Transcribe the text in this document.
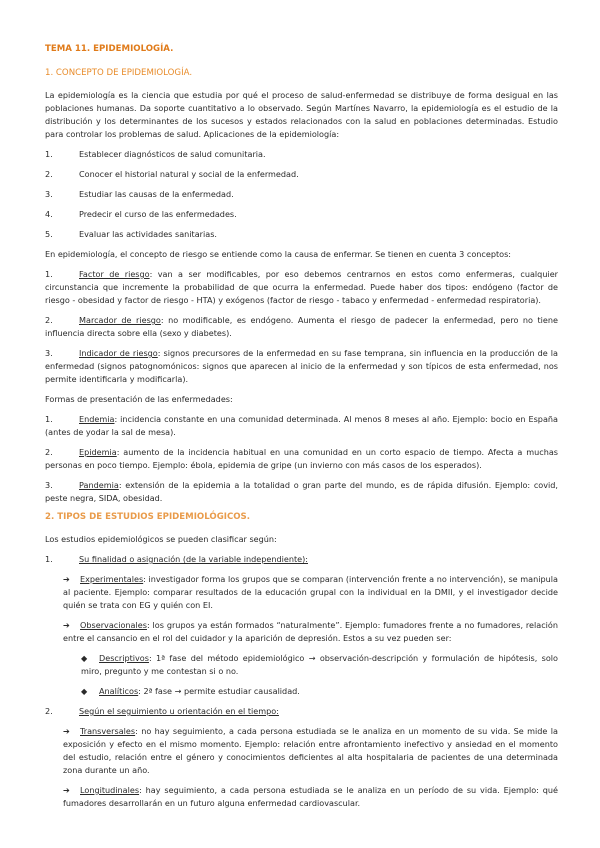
TEMA 11. EPIDEMIOLOGÍA.
1. CONCEPTO DE EPIDEMIOLOGÍA.

La epidemiología es la ciencia que estudia por qué el proceso de salud-enfermedad se distribuye de forma desigual en las poblaciones humanas. Da soporte cuantitativo a lo observado. Según Martínes Navarro, la epidemiología es el estudio de la distribución y los determinantes de los sucesos y estados relacionados con la salud en poblaciones determinadas. Estudio para controlar los problemas de salud. Aplicaciones de la epidemiología:

1.	Establecer diagnósticos de salud comunitaria.
2.	Conocer el historial natural y social de la enfermedad.
3.	Estudiar las causas de la enfermedad.
4.	Predecir el curso de las enfermedades.
5.	Evaluar las actividades sanitarias.

En epidemiología, el concepto de riesgo se entiende como la causa de enfermar. Se tienen en cuenta 3 conceptos:

1.	Factor de riesgo: van a ser modificables, por eso debemos centrarnos en estos como enfermeras, cualquier circunstancia que incremente la probabilidad de que ocurra la enfermedad. Puede haber dos tipos: endógeno (factor de riesgo - obesidad y factor de riesgo - HTA) y exógenos (factor de riesgo - tabaco y enfermedad - enfermedad respiratoria).

2.	Marcador de riesgo: no modificable, es endógeno. Aumenta el riesgo de padecer la enfermedad, pero no tiene influencia directa sobre ella (sexo y diabetes).

3.	Indicador de riesgo: signos precursores de la enfermedad en su fase temprana, sin influencia en la producción de la enfermedad (signos patognomónicos: signos que aparecen al inicio de la enfermedad y son típicos de esta enfermedad, nos permite identificarla y modificarla).

Formas de presentación de las enfermedades:

1.	Endemia: incidencia constante en una comunidad determinada. Al menos 8 meses al año. Ejemplo: bocio en España (antes de yodar la sal de mesa).

2.	Epidemia: aumento de la incidencia habitual en una comunidad en un corto espacio de tiempo. Afecta a muchas personas en poco tiempo. Ejemplo: ébola, epidemia de gripe (un invierno con más casos de los esperados).

3.	Pandemia: extensión de la epidemia a la totalidad o gran parte del mundo, es de rápida difusión. Ejemplo: covid, peste negra, SIDA, obesidad.

2. TIPOS DE ESTUDIOS EPIDEMIOLÓGICOS.

Los estudios epidemiológicos se pueden clasificar según:

1.	Su finalidad o asignación (de la variable independiente):

➔ Experimentales: investigador forma los grupos que se comparan (intervención frente a no intervención), se manipula al paciente. Ejemplo: comparar resultados de la educación grupal con la individual en la DMII, y el investigador decide quién se trata con EG y quién con EI.

➔ Observacionales: los grupos ya están formados “naturalmente”. Ejemplo: fumadores frente a no fumadores, relación entre el cansancio en el rol del cuidador y la aparición de depresión. Estos a su vez pueden ser:

◆ Descriptivos: 1ª fase del método epidemiológico → observación-descripción y formulación de hipótesis, solo miro, pregunto y me contestan si o no.

◆ Analíticos: 2ª fase → permite estudiar causalidad.

2.	Según el seguimiento u orientación en el tiempo:

➔ Transversales: no hay seguimiento, a cada persona estudiada se le analiza en un momento de su vida. Se mide la exposición y efecto en el mismo momento. Ejemplo: relación entre afrontamiento inefectivo y ansiedad en el momento del estudio, relación entre el género y conocimientos deficientes al alta hospitalaria de pacientes de una determinada zona durante un año.

➔ Longitudinales: hay seguimiento, a cada persona estudiada se le analiza en un período de su vida. Ejemplo: qué fumadores desarrollarán en un futuro alguna enfermedad cardiovascular.
